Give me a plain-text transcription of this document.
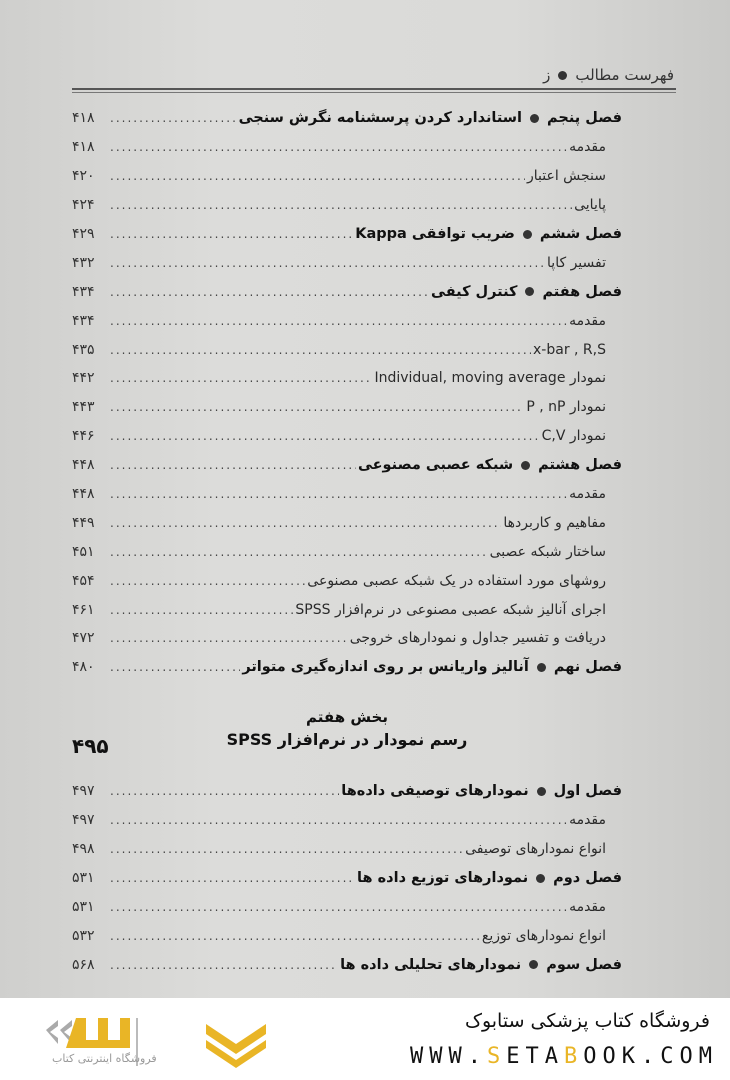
فهرست مطالبز
فصل پنجماستاندارد کردن پرسشنامه نگرش سنجی
.....
۴۱۸
مقدمه
.....
۴۱۸
سنجش اعتبار
.....
۴۲۰
پایایی
.....
۴۲۴
فصل ششمضریب توافقی Kappa
.....
۴۲۹
تفسیر کاپا
.....
۴۳۲
فصل هفتمکنترل کیفی
.....
۴۳۴
مقدمه
.....
۴۳۴
x-bar , R,S
.....
۴۳۵
نمودار Individual, moving average
.....
۴۴۲
نمودار P , nP
.....
۴۴۳
نمودار C,V
.....
۴۴۶
فصل هشتمشبکه عصبی مصنوعی
.....
۴۴۸
مقدمه
.....
۴۴۸
مفاهیم و کاربردها
.....
۴۴۹
ساختار شبکه عصبی
.....
۴۵۱
روشهای مورد استفاده در یک شبکه عصبی مصنوعی
.....
۴۵۴
اجرای آنالیز شبکه عصبی مصنوعی در نرم‌افزار SPSS
.....
۴۶۱
دریافت و تفسیر جداول و نمودارهای خروجی
.....
۴۷۲
فصل نهمآنالیز واریانس بر روی اندازه‌گیری متواتر
.....
۴۸۰
بخش هفتم
رسم نمودار در نرم‌افزار SPSS
۴۹۵
فصل اولنمودارهای توصیفی داده‌ها
.....
۴۹۷
مقدمه
.....
۴۹۷
انواع نمودارهای توصیفی
.....
۴۹۸
فصل دومنمودارهای توزیع داده ها
.....
۵۳۱
مقدمه
.....
۵۳۱
انواع نمودارهای توزیع
.....
۵۳۲
فصل سومنمودارهای تحلیلی داده ها
.....
۵۶۸
فروشگاه اینترنتی کتاب
فروشگاه کتاب پزشکی ستابوک
WWW.SETABOOK.COM
